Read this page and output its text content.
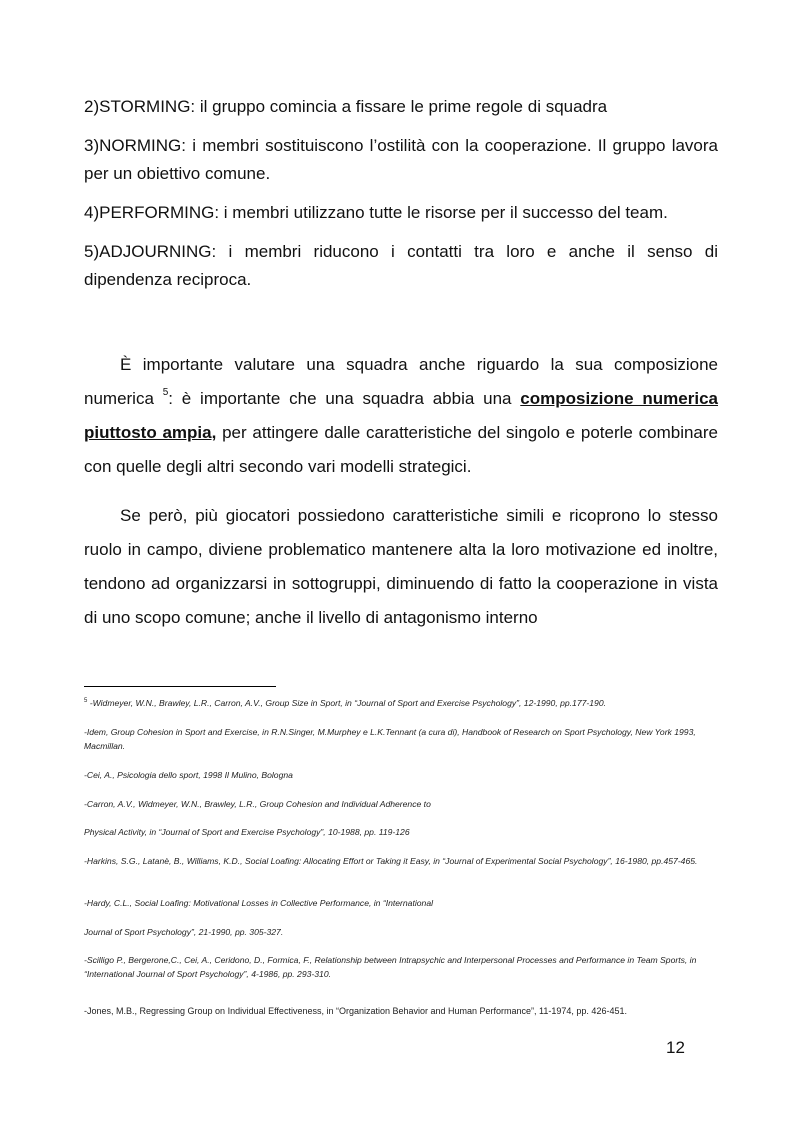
2)STORMING: il gruppo comincia a fissare le prime regole di squadra

3)NORMING: i membri sostituiscono l’ostilità con la cooperazione. Il gruppo lavora per un obiettivo comune.

4)PERFORMING: i membri utilizzano tutte le risorse per il successo del team.

5)ADJOURNING: i membri riducono i contatti tra loro e anche il senso di dipendenza reciproca.

È importante valutare una squadra anche riguardo la sua composizione numerica $^5$: è importante che una squadra abbia una composizione numerica piuttosto ampia, per attingere dalle caratteristiche del singolo e poterle combinare con quelle degli altri secondo vari modelli strategici.

Se però, più giocatori possiedono caratteristiche simili e ricoprono lo stesso ruolo in campo, diviene problematico mantenere alta la loro motivazione ed inoltre, tendono ad organizzarsi in sottogruppi, diminuendo di fatto la cooperazione in vista di uno scopo comune; anche il livello di antagonismo interno

$^5$ -Widmeyer, W.N., Brawley, L.R., Carron, A.V., Group Size in Sport, in “Journal of Sport and Exercise Psychology”, 12-1990, pp.177-190.

-Idem, Group Cohesion in Sport and Exercise, in R.N.Singer, M.Murphey e L.K.Tennant (a cura di), Handbook of Research on Sport Psychology, New York 1993, Macmillan.

-Cei, A., Psicologia dello sport, 1998 Il Mulino, Bologna

-Carron, A.V., Widmeyer, W.N., Brawley, L.R., Group Cohesion and Individual Adherence to

Physical Activity, in “Journal of Sport and Exercise Psychology”, 10-1988, pp. 119-126

-Harkins, S.G., Latanè, B., Williams, K.D., Social Loafing: Allocating Effort or Taking it Easy, in “Journal of Experimental Social Psychology”, 16-1980, pp.457-465.

-Hardy, C.L., Social Loafing: Motivational Losses in Collective Performance, in “International

Journal of Sport Psychology”, 21-1990, pp. 305-327.

-Scilligo P., Bergerone,C., Cei, A., Ceridono, D., Formica, F., Relationship between Intrapsychic and Interpersonal Processes and Performance in Team Sports, in “International Journal of Sport Psychology”, 4-1986, pp. 293-310.

-Jones, M.B., Regressing Group on Individual Effectiveness, in “Organization Behavior and Human Performance”, 11-1974, pp. 426-451.

12
